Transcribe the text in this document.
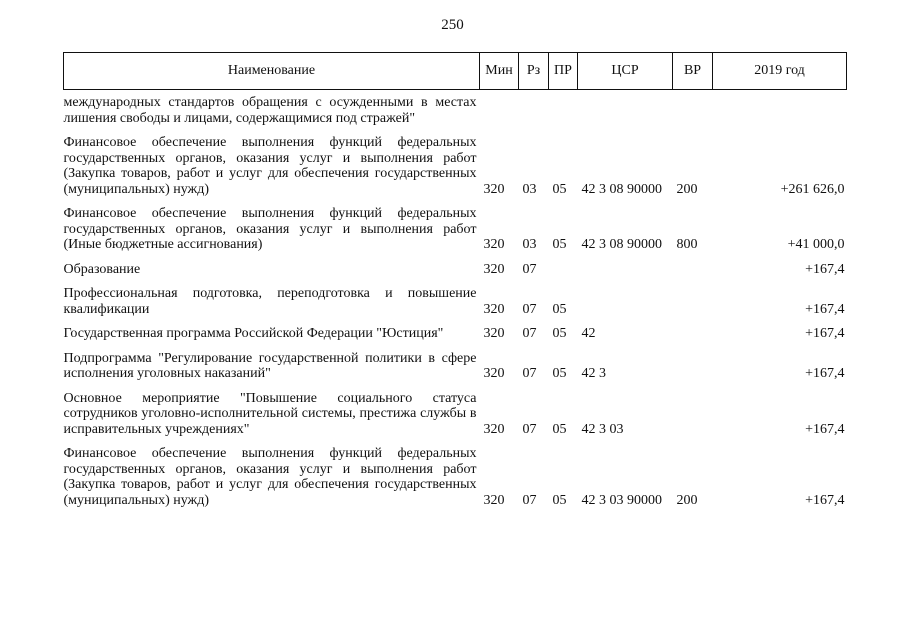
250
Наименование	Мин	Рз	ПР	ЦСР	ВР	2019 год
международных стандартов обращения с осужденными в местах лишения свободы и лицами, содержащимися под стражей"						
Финансовое обеспечение выполнения функций федеральных государственных органов, оказания услуг и выполнения работ (Закупка товаров, работ и услуг для обеспечения государственных (муниципальных) нужд)	320	03	05	42 3 08 90000	200	+261 626,0
Финансовое обеспечение выполнения функций федеральных государственных органов, оказания услуг и выполнения работ (Иные бюджетные ассигнования)	320	03	05	42 3 08 90000	800	+41 000,0
Образование	320	07				+167,4
Профессиональная подготовка, переподготовка и повышение квалификации	320	07	05			+167,4
Государственная программа Российской Федерации "Юстиция"	320	07	05	42		+167,4
Подпрограмма "Регулирование государственной политики в сфере исполнения уголовных наказаний"	320	07	05	42 3		+167,4
Основное мероприятие "Повышение социального статуса сотрудников уголовно-исполнительной системы, престижа службы в исправительных учреждениях"	320	07	05	42 3 03		+167,4
Финансовое обеспечение выполнения функций федеральных государственных органов, оказания услуг и выполнения работ (Закупка товаров, работ и услуг для обеспечения государственных (муниципальных) нужд)	320	07	05	42 3 03 90000	200	+167,4
